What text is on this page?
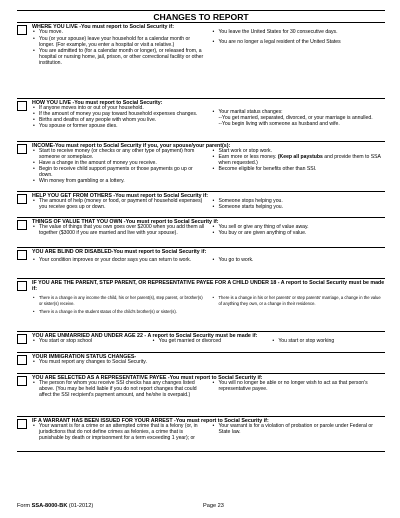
CHANGES TO REPORT
WHERE YOU LIVE -You must report to Social Security if:
• You move.
• You (or your spouse) leave your household for a calendar month or longer. (For example, you enter a hospital or visit a relative.)
• You are admitted to (for a calendar month or longer), or released from, a hospital or nursing home, jail, prison, or other correctional facility or other institution.
• You leave the United States for 30 consecutive days.
• You are no longer a legal resident of the United States
HOW YOU LIVE -You must report to Social Security:
• If anyone moves into or out of your household.
• If the amount of money you pay toward household expenses changes.
• Births and deaths of any people with whom you live.
• You spouse or former spouse dies.
• Your marital status changes:
--You get married, separated, divorced, or your marriage is annulled.
--You begin living with someone as husband and wife.
INCOME-You must report to Social Security if you, your spouse/your parent(s):
• Start to receive money (or checks or any other type of payment) from someone or someplace.
• Have a change in the amount of money you receive.
• Begin to receive child support payments or those payments go up or down.
• Win money from gambling or a lottery.
• Start work or stop work.
• Earn more or less money. (Keep all paystubs and provide them to SSA when requested.)
• Become eligible for benefits other than SSI.
HELP YOU GET FROM OTHERS -You must report to Social Security if:
• The amount of help (money or food, or payment of household expenses) you receive goes up or down.
• Someone stops helping you.
• Someone starts helping you.
THINGS OF VALUE THAT YOU OWN -You must report to Social Security if:
• The value of things that you own goes over $2000 when you add them all together ($3000 if you are married and live with your spouse).
• You sell or give any thing of value away.
• You buy or are given anything of value.
YOU ARE BLIND OR DISABLED-You must report to Social Security if:
• Your condition improves or your doctor says you can return to work.	• You go to work.
IF YOU ARE THE PARENT, STEP PARENT, OR REPRESENTATIVE PAYEE FOR A CHILD UNDER 18 - A report to Social Security must be made if:
• There is a change in any income the child, his or her parent(s), step parent, or brother(s) or sister(s) receive.
• There is a change in the student status of the child's brother(s) or sister(s).
• There is a change in his or her parents' or step parents' marriage, a change in the value of anything they own, or a change in their residence.
YOU ARE UNMARRIED AND UNDER AGE 22 - A report to Social Security must be made if:
• You start or stop school	• You get married or divorced	• You start or stop working
YOUR IMMIGRATION STATUS CHANGES-
• You must report any changes to Social Security.
YOU ARE SELECTED AS A REPRESENTATIVE PAYEE -You must report to Social Security if:
• The person for whom you receive SSI checks has any changes listed above. (You may be held liable if you do not report changes that could affect the SSI recipient's payment amount, and he/she is overpaid.)
• You will no longer be able or no longer wish to act as that person's representative payee.
IF A WARRANT HAS BEEN ISSUED FOR YOUR ARREST -You must report to Social Security if:
• Your warrant is for a crime or an attempted crime that is a felony (or, in jurisdictions that do not define crimes as felonies, a crime that is punishable by death or imprisonment for a term exceeding 1 year); or
• Your warrant is for a violation of probation or parole under Federal or State law.
Form SSA-8000-BK (01-2012)	Page 23
